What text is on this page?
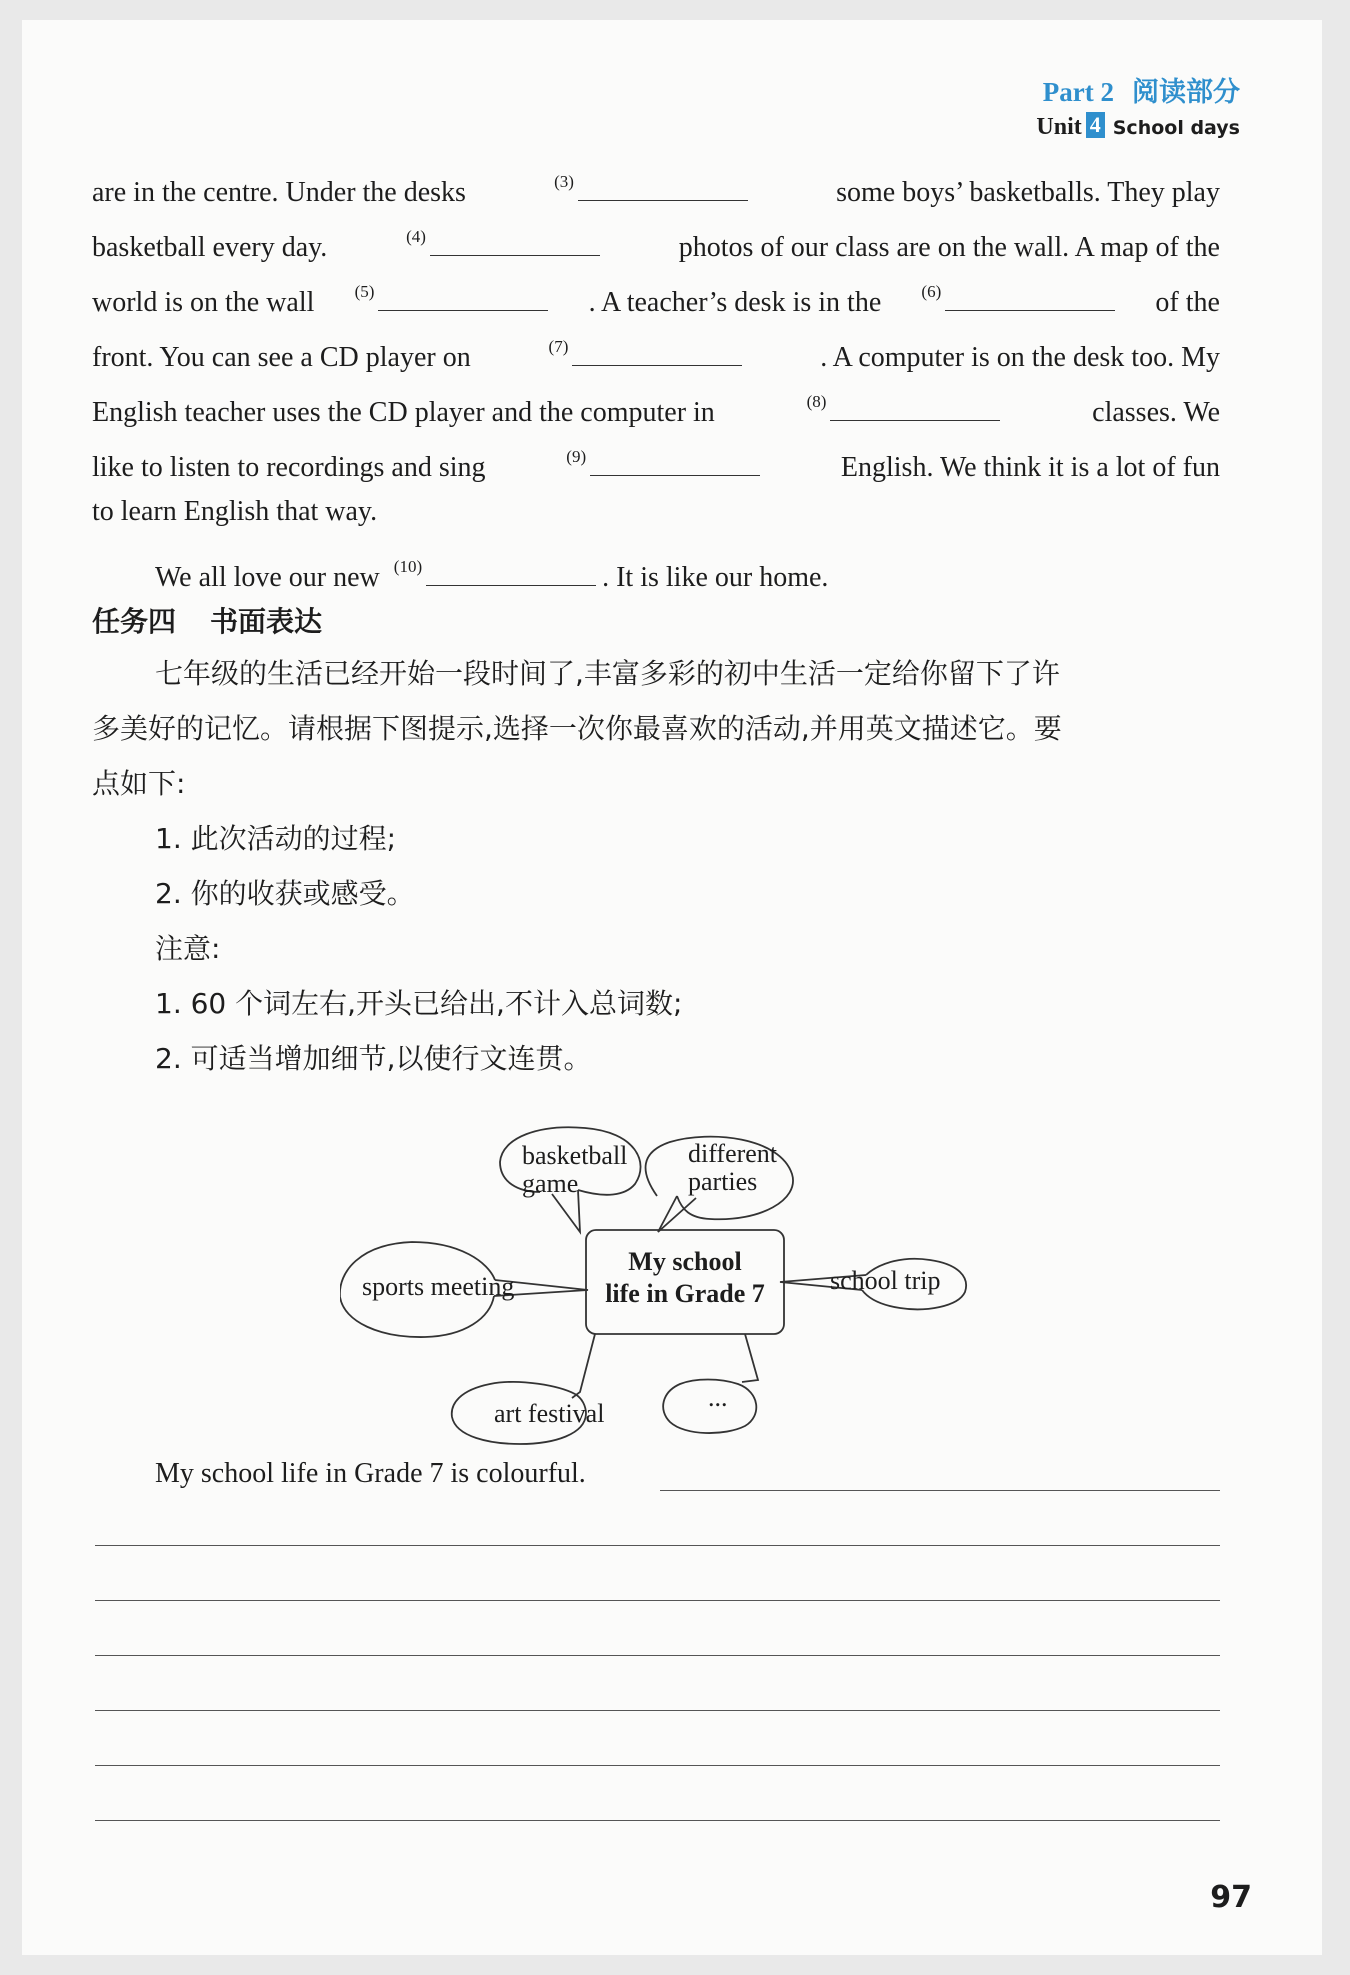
Part 2 阅读部分
Unit 4 School days
are in the centre. Under the desks	$^{(3)}$	some boys’ basketballs. They play
basketball every day.	$^{(4)}$	photos of our class are on the wall. A map of the
world is on the wall $^{(5)}$	. A teacher’s desk is in the $^{(6)}$	of the
front. You can see a CD player on	$^{(7)}$	. A computer is on the desk too. My
English teacher uses the CD player and the computer in	$^{(8)}$	classes. We
like to listen to recordings and sing	$^{(9)}$	English. We think it is a lot of fun
to learn English that way.
We all love our new $^{(10)}$	. It is like our home.
任务四 书面表达
七年级的生活已经开始一段时间了,丰富多彩的初中生活一定给你留下了许
多美好的记忆。请根据下图提示,选择一次你最喜欢的活动,并用英文描述它。要
点如下:
1. 此次活动的过程;
2. 你的收获或感受。
注意:
1. 60 个词左右,开头已给出,不计入总词数;
2. 可适当增加细节,以使行文连贯。
My school
life in Grade 7
basketball
game
different
parties
sports meeting	school trip
art festival
...
My school life in Grade 7 is colourful.
97
